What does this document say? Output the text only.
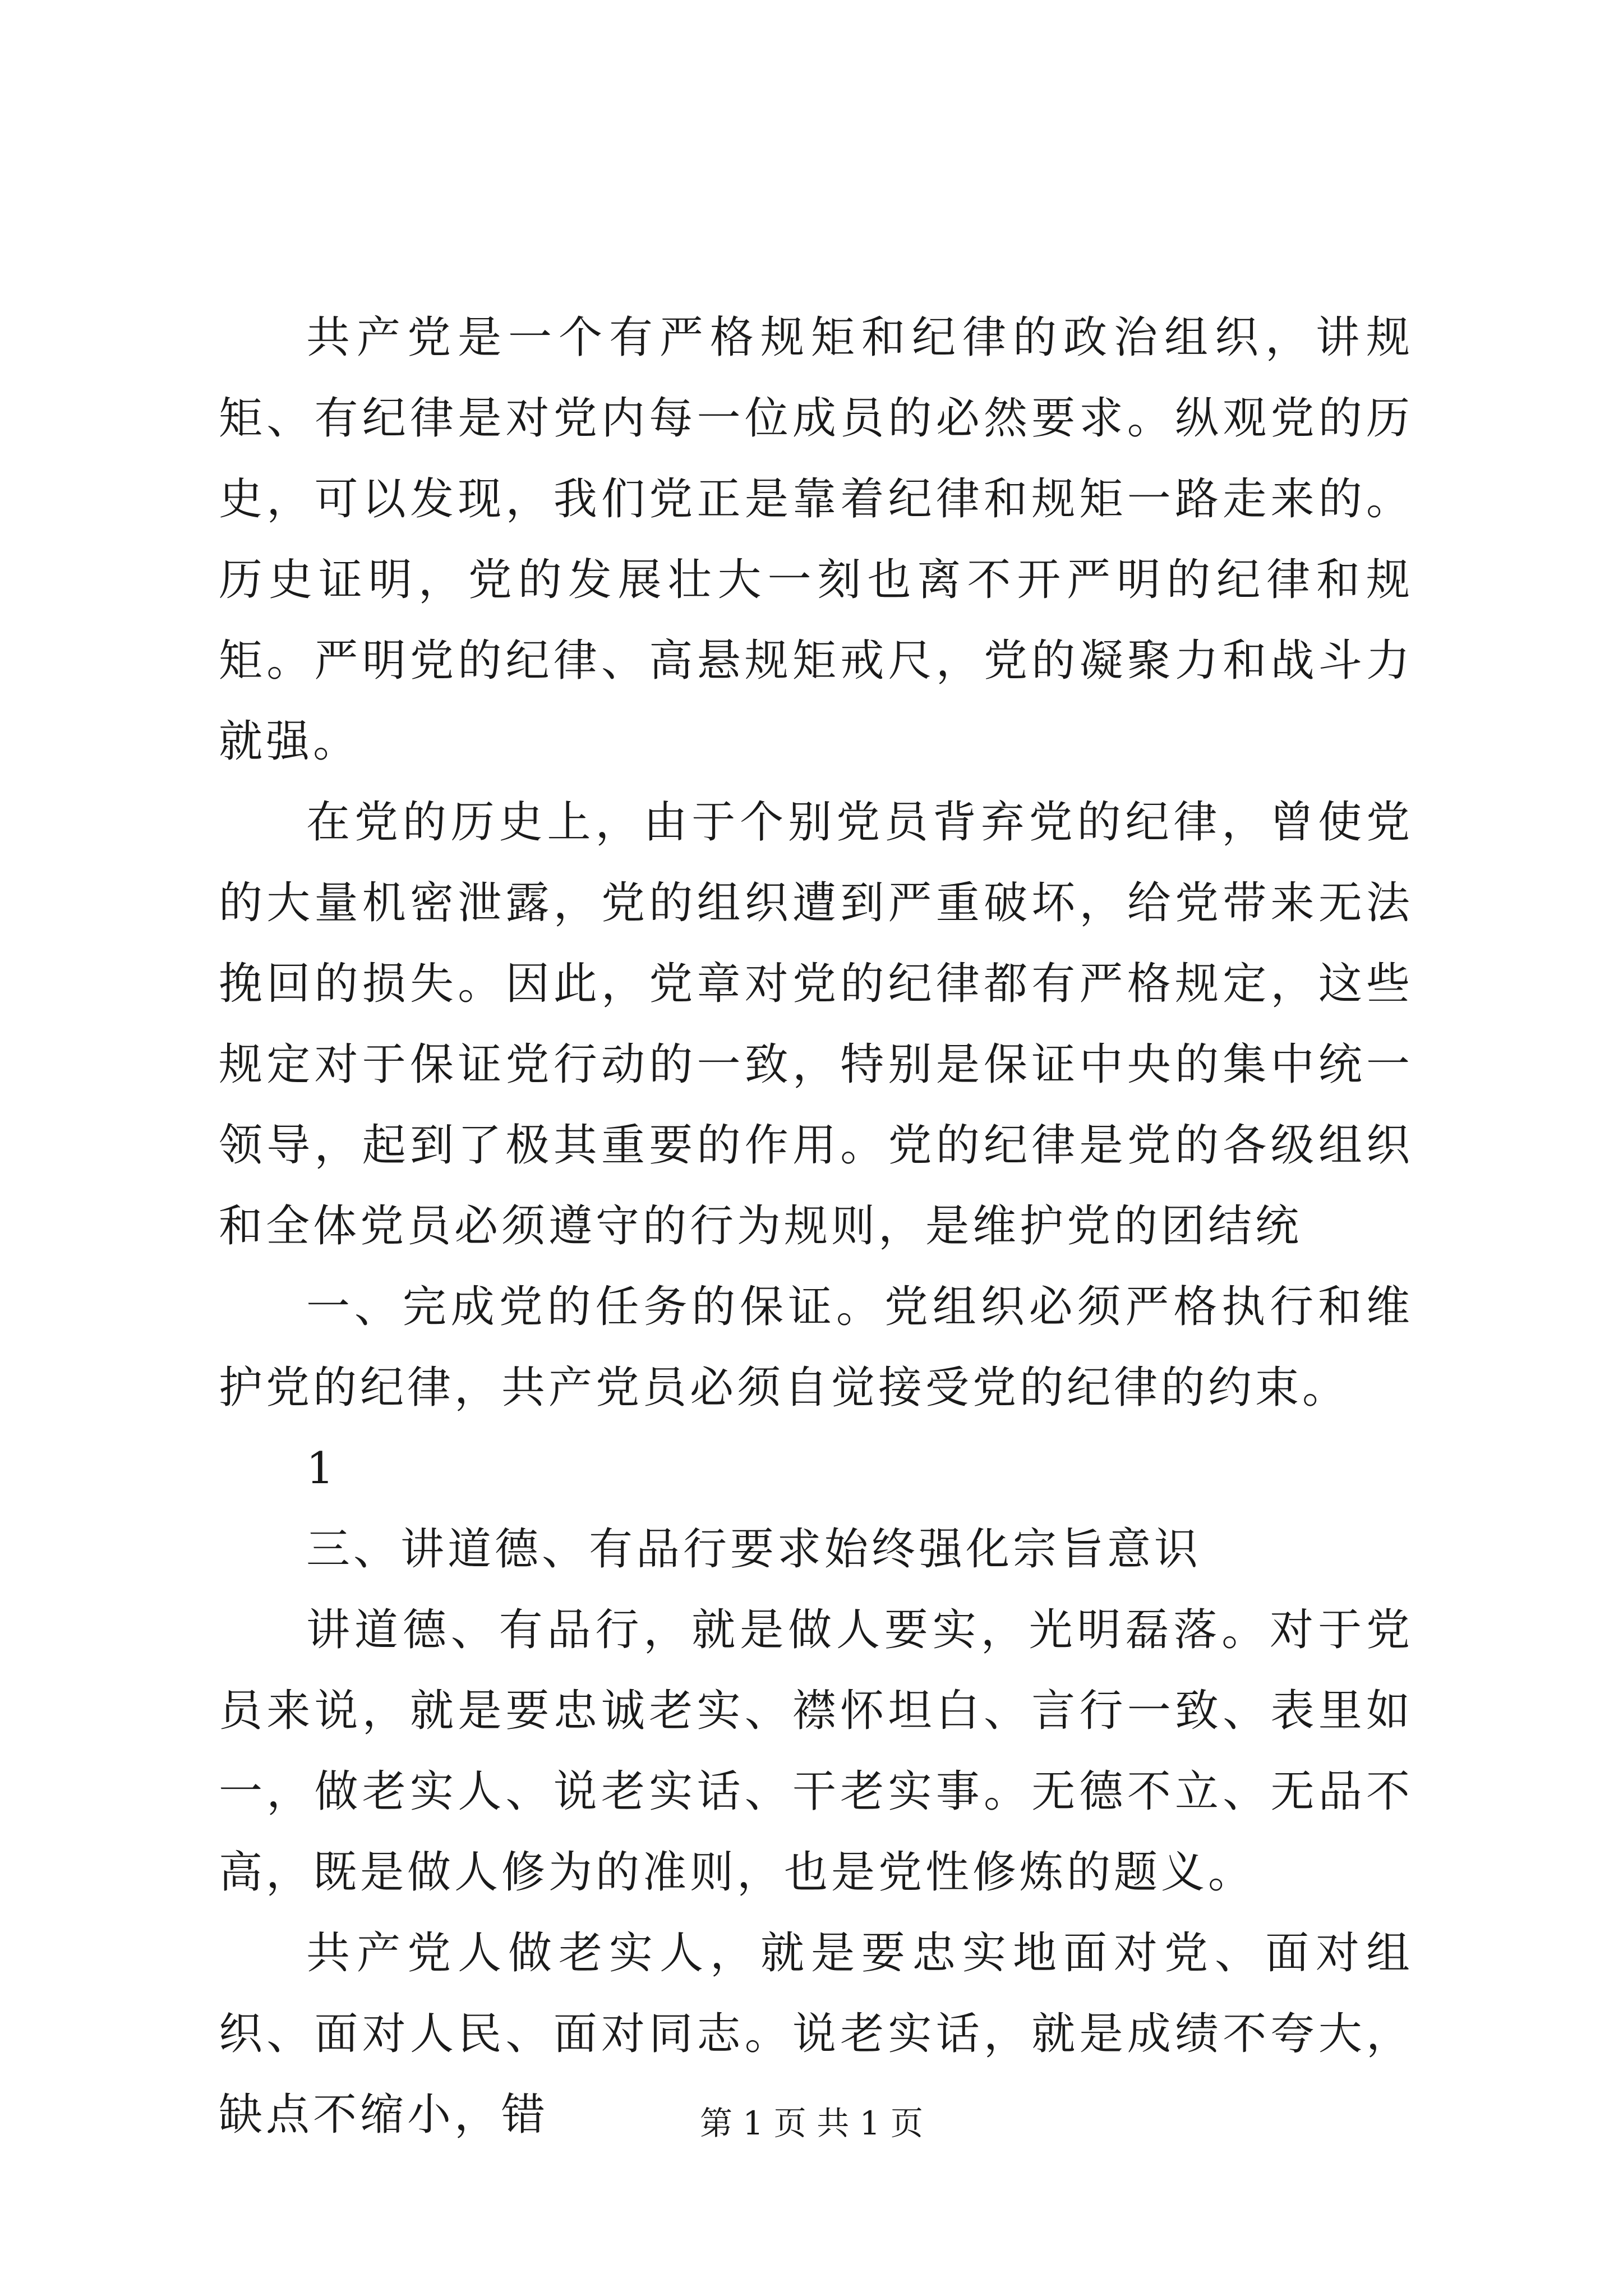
共产党是一个有严格规矩和纪律的政治组织，讲规矩、有纪律是对党内每一位成员的必然要求。纵观党的历史，可以发现，我们党正是靠着纪律和规矩一路走来的。历史证明，党的发展壮大一刻也离不开严明的纪律和规矩。严明党的纪律、高悬规矩戒尺，党的凝聚力和战斗力就强。

在党的历史上，由于个别党员背弃党的纪律，曾使党的大量机密泄露，党的组织遭到严重破坏，给党带来无法挽回的损失。因此，党章对党的纪律都有严格规定，这些规定对于保证党行动的一致，特别是保证中央的集中统一领导，起到了极其重要的作用。党的纪律是党的各级组织和全体党员必须遵守的行为规则，是维护党的团结统

一、完成党的任务的保证。党组织必须严格执行和维护党的纪律，共产党员必须自觉接受党的纪律的约束。

1

三、讲道德、有品行要求始终强化宗旨意识

讲道德、有品行，就是做人要实，光明磊落。对于党员来说，就是要忠诚老实、襟怀坦白、言行一致、表里如一，做老实人、说老实话、干老实事。无德不立、无品不高，既是做人修为的准则，也是党性修炼的题义。

共产党人做老实人，就是要忠实地面对党、面对组织、面对人民、面对同志。说老实话，就是成绩不夸大，缺点不缩小，错	第 1 页 共 1 页
